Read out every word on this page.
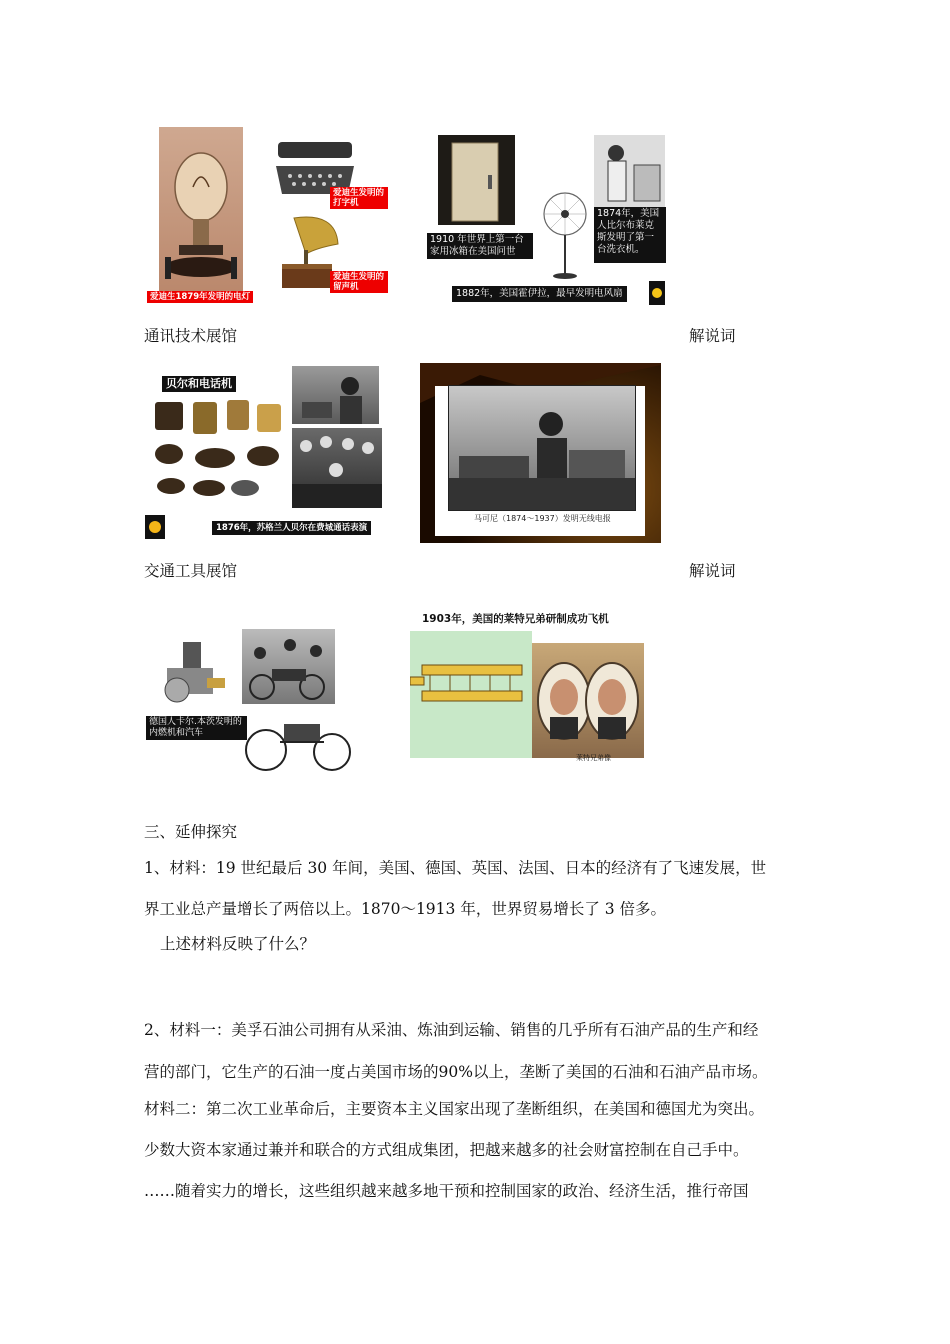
爱迪生1879年发明的电灯
爱迪生发明的打字机
爱迪生发明的留声机
1910 年世界上第一台家用冰箱在美国问世
1874年，美国人比尔布莱克斯发明了第一台洗衣机。
1882年，美国霍伊拉，最早发明电风扇
通讯技术展馆	解说词
贝尔和电话机
1876年，苏格兰人贝尔在费城通话表演
马可尼（1874～1937）发明无线电报
交通工具展馆	解说词
德国人卡尔.本茨发明的内燃机和汽车
1903年，美国的莱特兄弟研制成功飞机
莱特兄弟像
三、延伸探究
1、材料：19 世纪最后 30 年间，美国、德国、英国、法国、日本的经济有了飞速发展，世
界工业总产量增长了两倍以上。1870～1913 年，世界贸易增长了 3 倍多。
上述材料反映了什么？
2、材料一：美孚石油公司拥有从采油、炼油到运输、销售的几乎所有石油产品的生产和经
营的部门，它生产的石油一度占美国市场的90%以上，垄断了美国的石油和石油产品市场。
材料二：第二次工业革命后，主要资本主义国家出现了垄断组织，在美国和德国尤为突出。
少数大资本家通过兼并和联合的方式组成集团，把越来越多的社会财富控制在自己手中。
……随着实力的增长，这些组织越来越多地干预和控制国家的政治、经济生活，推行帝国
